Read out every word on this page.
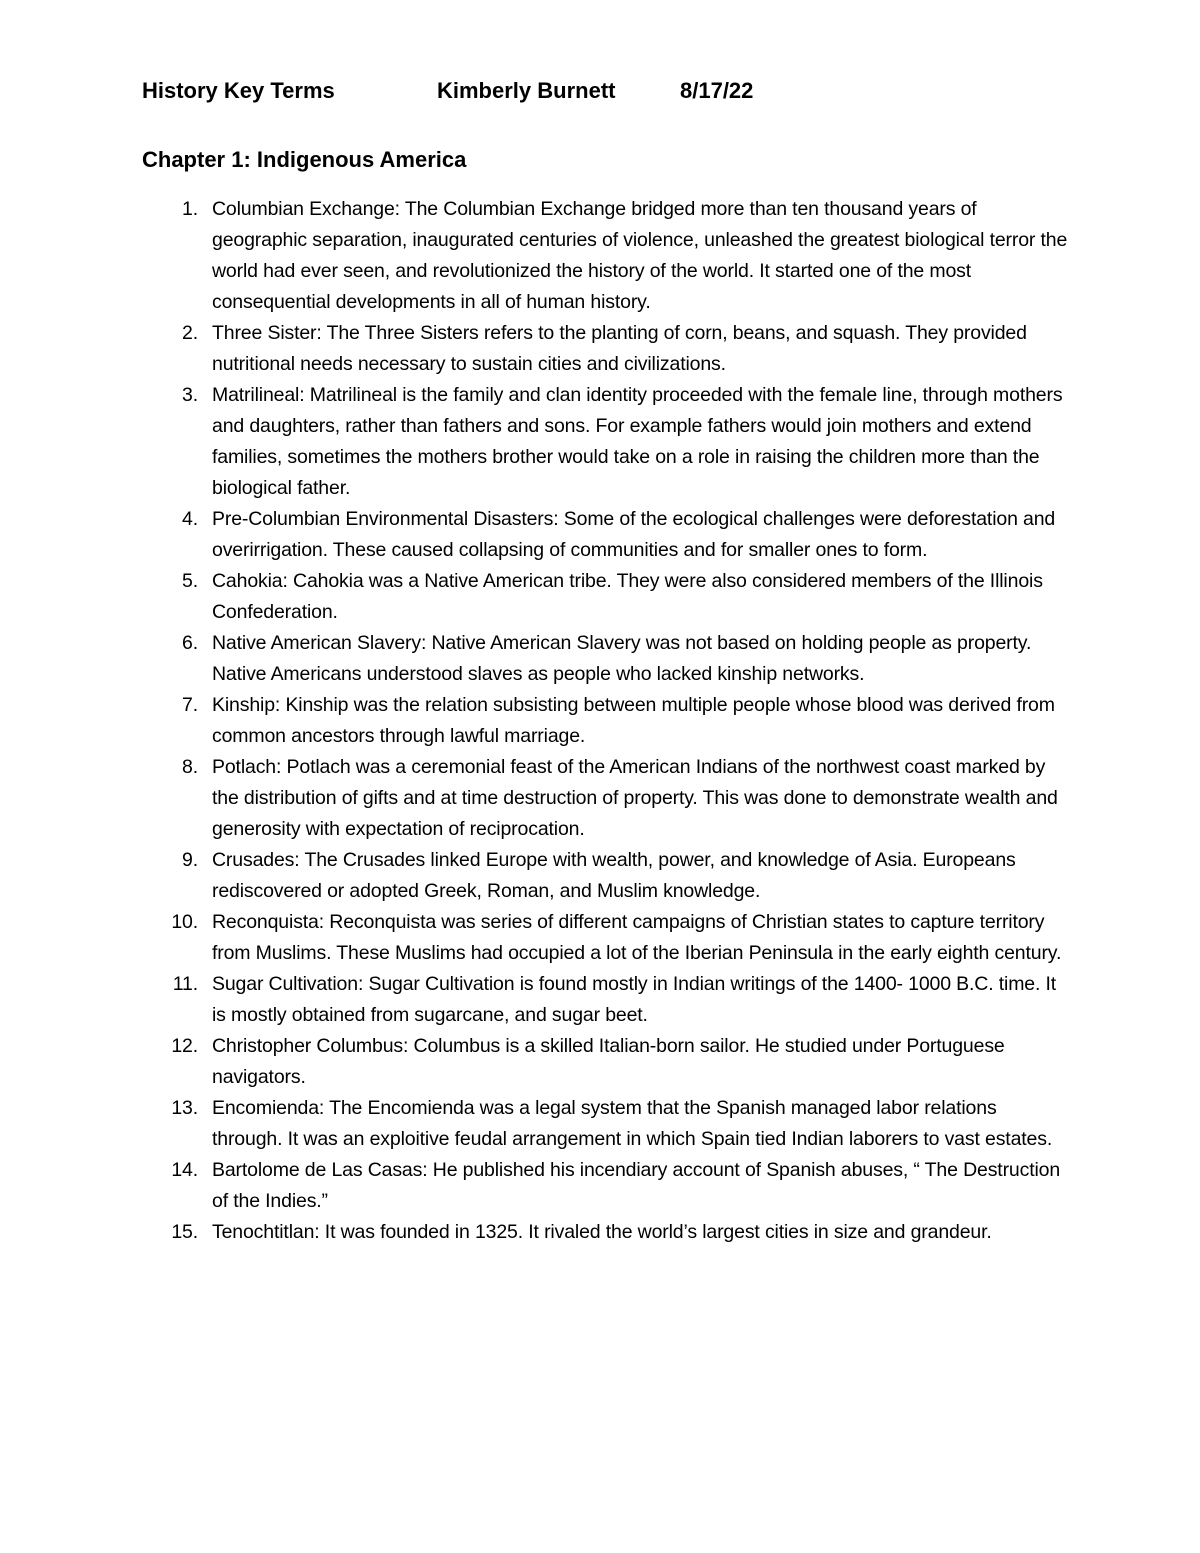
History Key Terms	Kimberly Burnett	8/17/22
Chapter 1: Indigenous America
1. Columbian Exchange: The Columbian Exchange bridged more than ten thousand years of geographic separation, inaugurated centuries of violence, unleashed the greatest biological terror the world had ever seen, and revolutionized the history of the world. It started one of the most consequential developments in all of human history.
2. Three Sister: The Three Sisters refers to the planting of corn, beans, and squash. They provided nutritional needs necessary to sustain cities and civilizations.
3. Matrilineal: Matrilineal is the family and clan identity proceeded with the female line, through mothers and daughters, rather than fathers and sons. For example fathers would join mothers and extend families, sometimes the mothers brother would take on a role in raising the children more than the biological father.
4. Pre-Columbian Environmental Disasters: Some of the ecological challenges were deforestation and overirrigation. These caused collapsing of communities and for smaller ones to form.
5. Cahokia: Cahokia was a Native American tribe. They were also considered members of the Illinois Confederation.
6. Native American Slavery: Native American Slavery was not based on holding people as property. Native Americans understood slaves as people who lacked kinship networks.
7. Kinship: Kinship was the relation subsisting between multiple people whose blood was derived from common ancestors through lawful marriage.
8. Potlach: Potlach was a ceremonial feast of the American Indians of the northwest coast marked by the distribution of gifts and at time destruction of property. This was done to demonstrate wealth and generosity with expectation of reciprocation.
9. Crusades: The Crusades linked Europe with wealth, power, and knowledge of Asia. Europeans rediscovered or adopted Greek, Roman, and Muslim knowledge.
10. Reconquista: Reconquista was series of different campaigns of Christian states to capture territory from Muslims. These Muslims had occupied a lot of the Iberian Peninsula in the early eighth century.
11. Sugar Cultivation: Sugar Cultivation is found mostly in Indian writings of the 1400- 1000 B.C. time. It is mostly obtained from sugarcane, and sugar beet.
12. Christopher Columbus: Columbus is a skilled Italian-born sailor. He studied under Portuguese navigators.
13. Encomienda: The Encomienda was a legal system that the Spanish managed labor relations through. It was an exploitive feudal arrangement in which Spain tied Indian laborers to vast estates.
14. Bartolome de Las Casas: He published his incendiary account of Spanish abuses, “ The Destruction of the Indies.”
15. Tenochtitlan: It was founded in 1325. It rivaled the world’s largest cities in size and grandeur.
